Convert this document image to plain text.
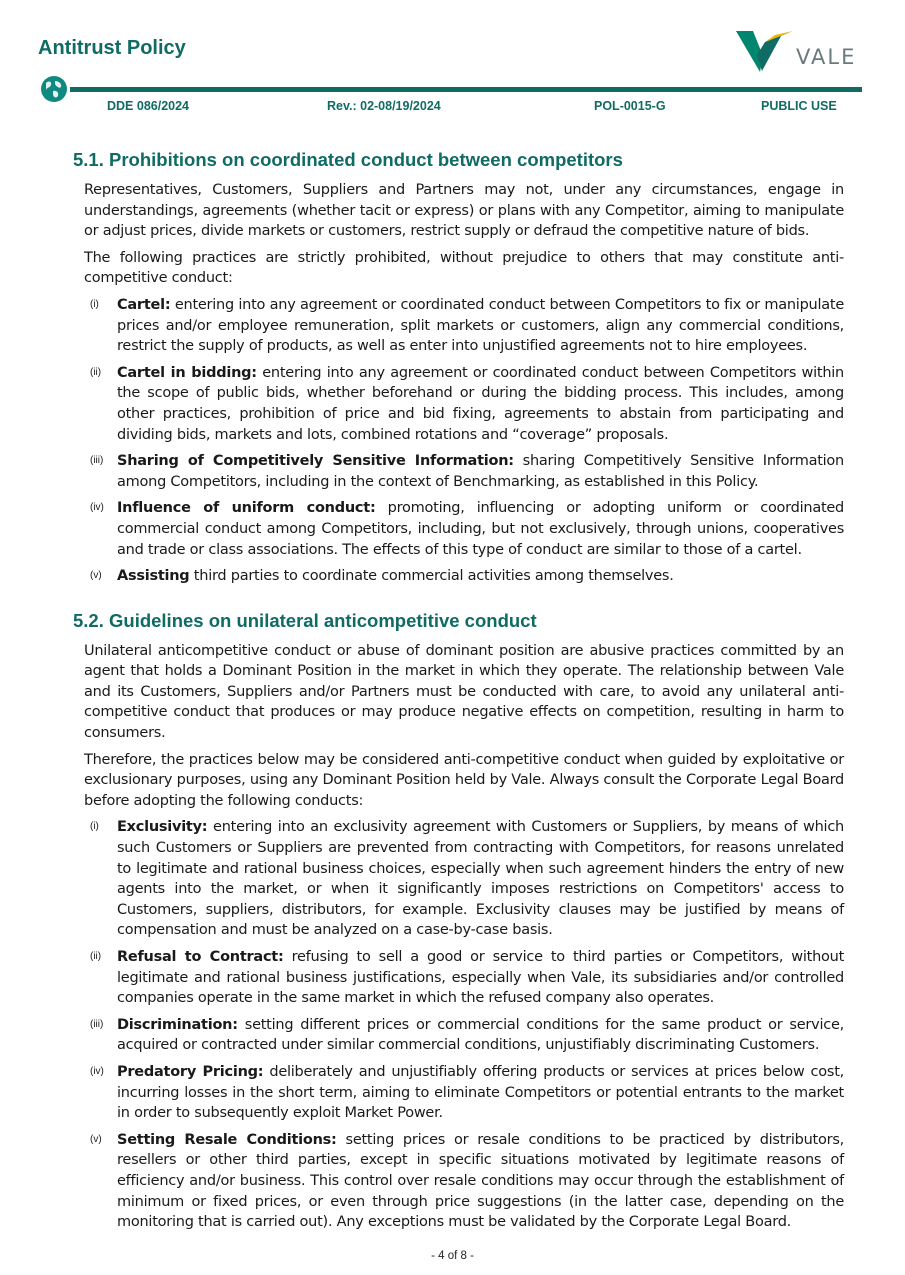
Antitrust Policy	VALE
DDE 086/2024	Rev.: 02-08/19/2024	POL-0015-G	PUBLIC USE
5.1. Prohibitions on coordinated conduct between competitors

Representatives, Customers, Suppliers and Partners may not, under any circumstances, engage in understandings, agreements (whether tacit or express) or plans with any Competitor, aiming to manipulate or adjust prices, divide markets or customers, restrict supply or defraud the competitive nature of bids.

The following practices are strictly prohibited, without prejudice to others that may constitute anti-competitive conduct:

(i) Cartel: entering into any agreement or coordinated conduct between Competitors to fix or manipulate prices and/or employee remuneration, split markets or customers, align any commercial conditions, restrict the supply of products, as well as enter into unjustified agreements not to hire employees.
(ii) Cartel in bidding: entering into any agreement or coordinated conduct between Competitors within the scope of public bids, whether beforehand or during the bidding process. This includes, among other practices, prohibition of price and bid fixing, agreements to abstain from participating and dividing bids, markets and lots, combined rotations and “coverage” proposals.
(iii) Sharing of Competitively Sensitive Information: sharing Competitively Sensitive Information among Competitors, including in the context of Benchmarking, as established in this Policy.
(iv) Influence of uniform conduct: promoting, influencing or adopting uniform or coordinated commercial conduct among Competitors, including, but not exclusively, through unions, cooperatives and trade or class associations. The effects of this type of conduct are similar to those of a cartel.
(v) Assisting third parties to coordinate commercial activities among themselves.
5.2. Guidelines on unilateral anticompetitive conduct

Unilateral anticompetitive conduct or abuse of dominant position are abusive practices committed by an agent that holds a Dominant Position in the market in which they operate. The relationship between Vale and its Customers, Suppliers and/or Partners must be conducted with care, to avoid any unilateral anti-competitive conduct that produces or may produce negative effects on competition, resulting in harm to consumers.

Therefore, the practices below may be considered anti-competitive conduct when guided by exploitative or exclusionary purposes, using any Dominant Position held by Vale. Always consult the Corporate Legal Board before adopting the following conducts:

(i) Exclusivity: entering into an exclusivity agreement with Customers or Suppliers, by means of which such Customers or Suppliers are prevented from contracting with Competitors, for reasons unrelated to legitimate and rational business choices, especially when such agreement hinders the entry of new agents into the market, or when it significantly imposes restrictions on Competitors' access to Customers, suppliers, distributors, for example. Exclusivity clauses may be justified by means of compensation and must be analyzed on a case-by-case basis.
(ii) Refusal to Contract: refusing to sell a good or service to third parties or Competitors, without legitimate and rational business justifications, especially when Vale, its subsidiaries and/or controlled companies operate in the same market in which the refused company also operates.
(iii) Discrimination: setting different prices or commercial conditions for the same product or service, acquired or contracted under similar commercial conditions, unjustifiably discriminating Customers.
(iv) Predatory Pricing: deliberately and unjustifiably offering products or services at prices below cost, incurring losses in the short term, aiming to eliminate Competitors or potential entrants to the market in order to subsequently exploit Market Power.
(v) Setting Resale Conditions: setting prices or resale conditions to be practiced by distributors, resellers or other third parties, except in specific situations motivated by legitimate reasons of efficiency and/or business. This control over resale conditions may occur through the establishment of minimum or fixed prices, or even through price suggestions (in the latter case, depending on the monitoring that is carried out). Any exceptions must be validated by the Corporate Legal Board.
- 4 of 8 -
